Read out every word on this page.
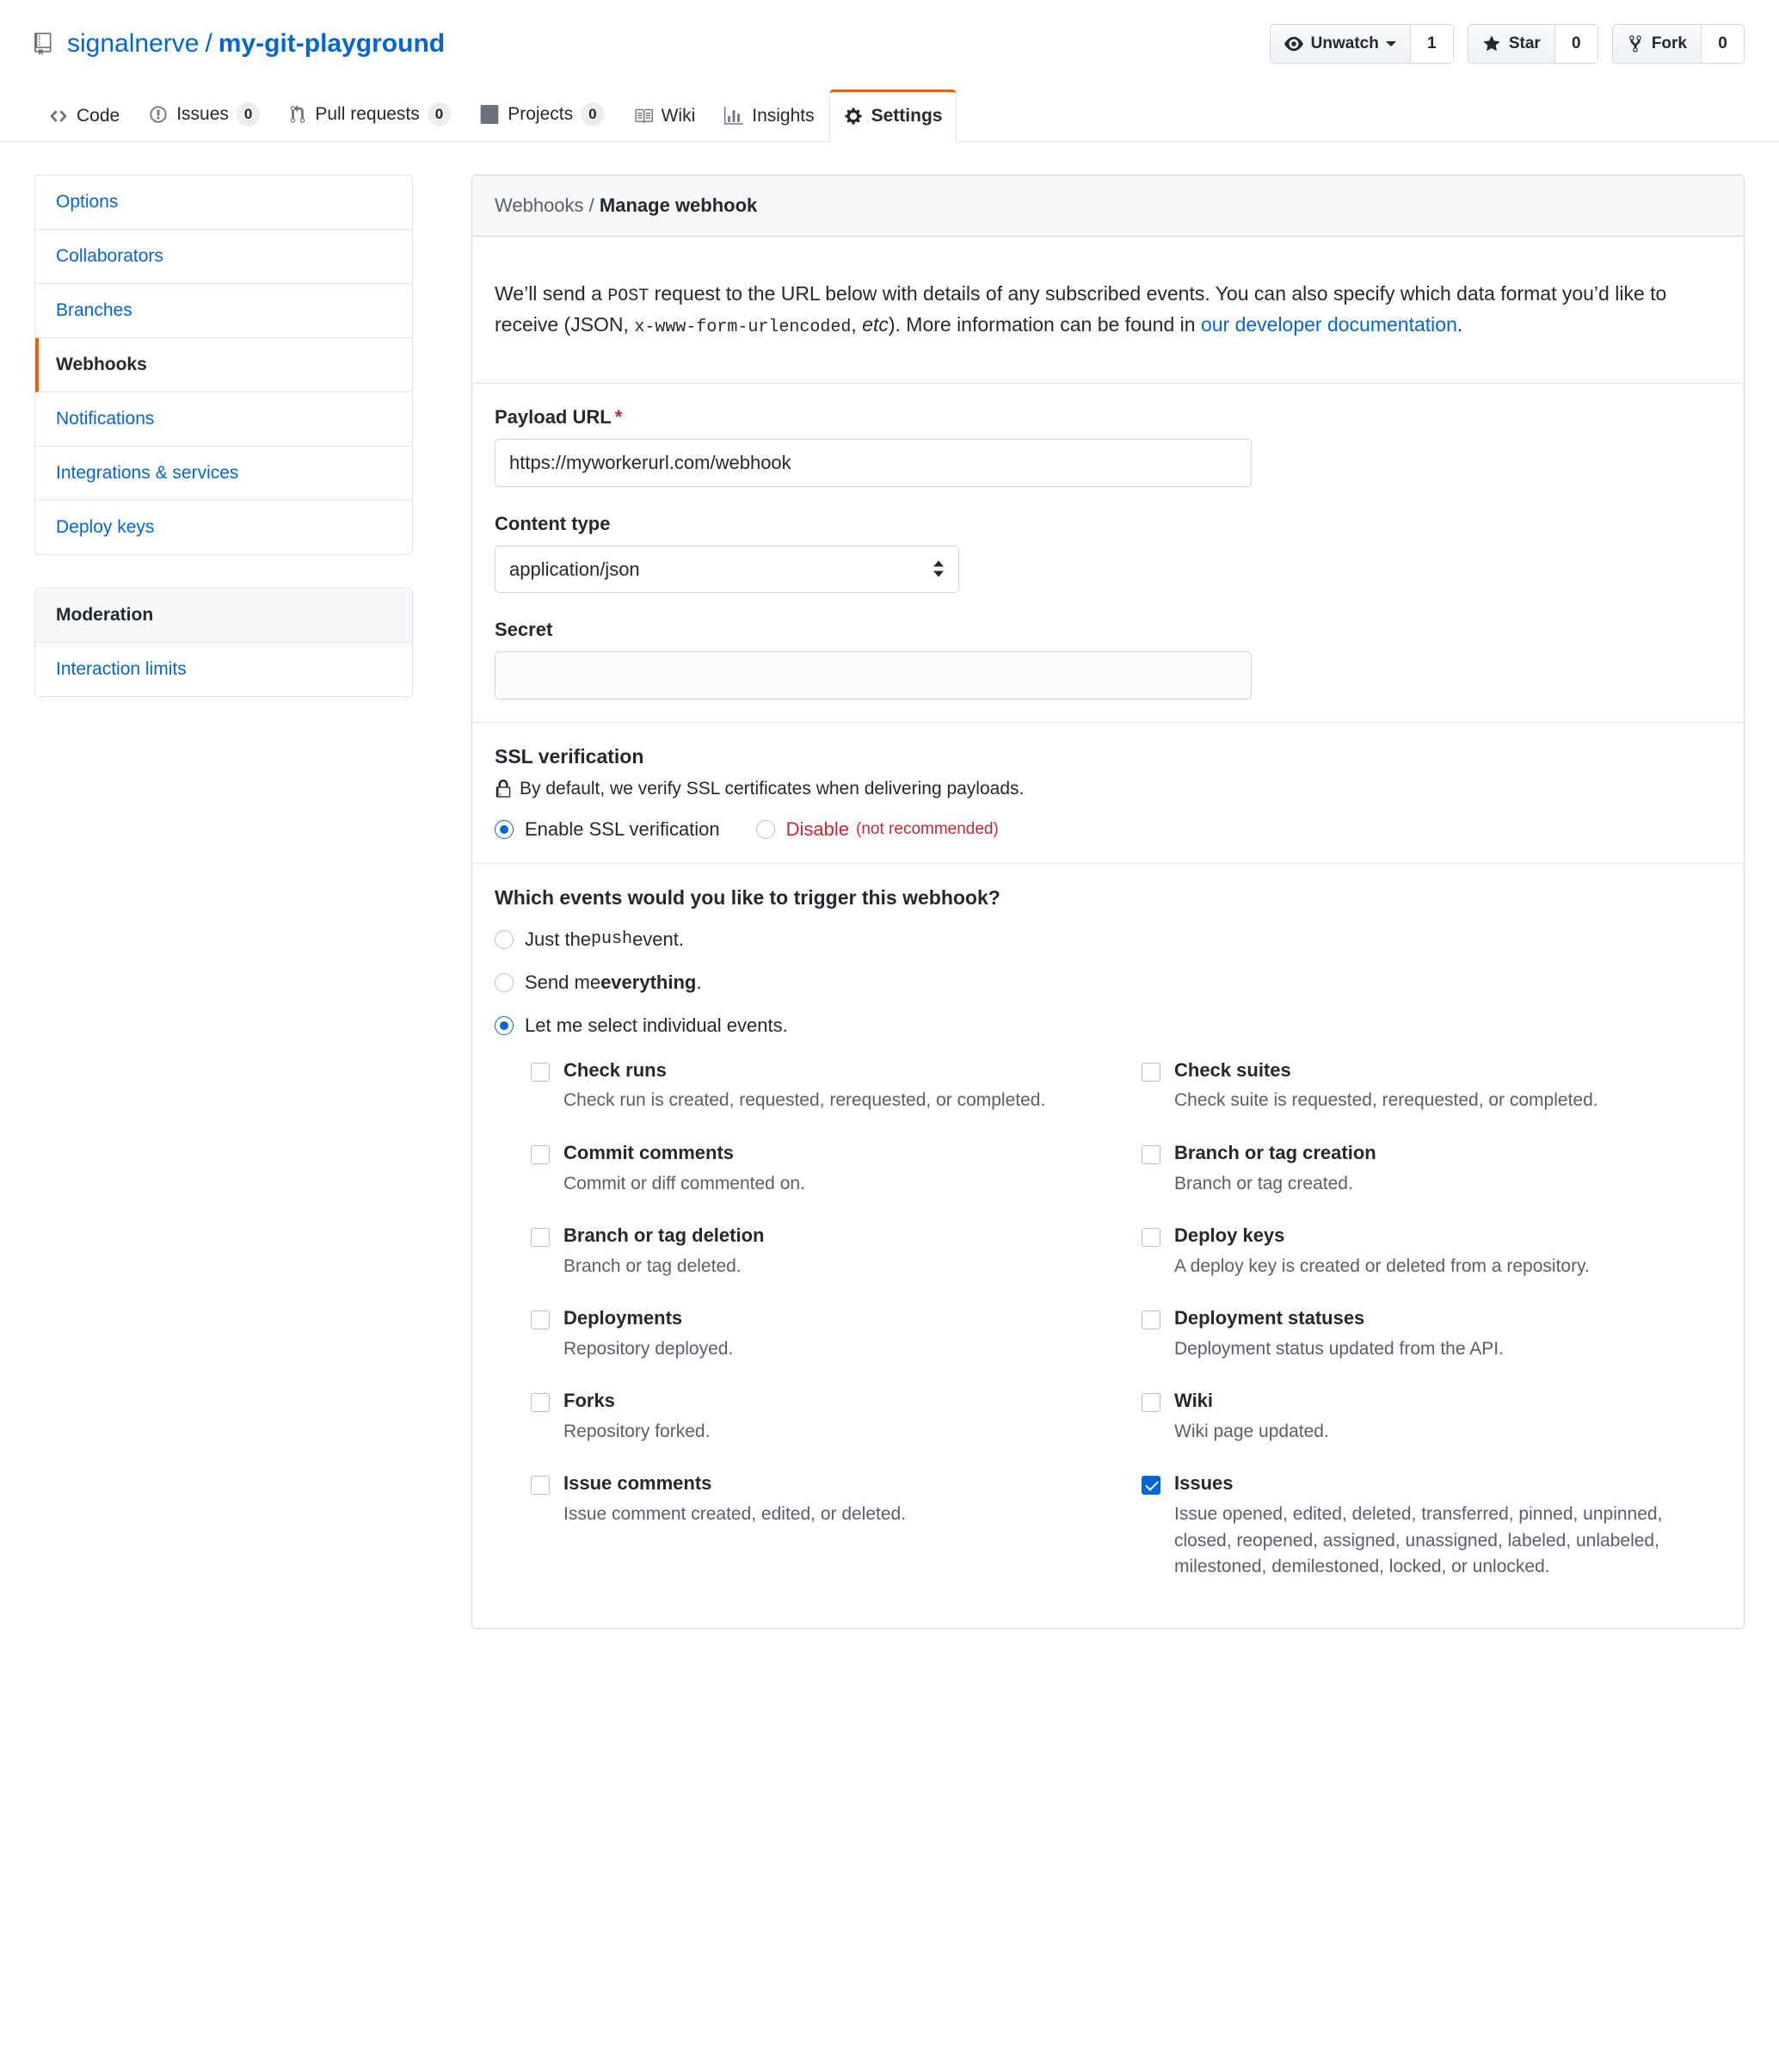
signalnerve / my-git-playground	Unwatch	1	Star	0	Fork	0
Code	Issues	0	Pull requests	0	Projects	0	Wiki	Insights	Settings
Options
Collaborators
Branches
Webhooks
Notifications
Integrations & services
Deploy keys
Moderation
Interaction limits
Webhooks / Manage webhook

We’ll send a POST request to the URL below with details of any subscribed events. You can also specify which data format you’d like to receive (JSON, x-www-form-urlencoded, etc). More information can be found in our developer documentation.

Payload URL *
https://myworkerurl.com/webhook
Content type
application/json
Secret
SSL verification
By default, we verify SSL certificates when delivering payloads.
Enable SSL verification	Disable (not recommended)
Which events would you like to trigger this webhook?
Just the push event.
Send me everything .
Let me select individual events.
Check runs
Check run is created, requested, rerequested, or completed.
Check suites
Check suite is requested, rerequested, or completed.
Commit comments
Commit or diff commented on.
Branch or tag creation
Branch or tag created.
Branch or tag deletion
Branch or tag deleted.
Deploy keys
A deploy key is created or deleted from a repository.
Deployments
Repository deployed.
Deployment statuses
Deployment status updated from the API.
Forks
Repository forked.
Wiki
Wiki page updated.
Issue comments
Issue comment created, edited, or deleted.
Issues
Issue opened, edited, deleted, transferred, pinned, unpinned, closed, reopened, assigned, unassigned, labeled, unlabeled, milestoned, demilestoned, locked, or unlocked.
